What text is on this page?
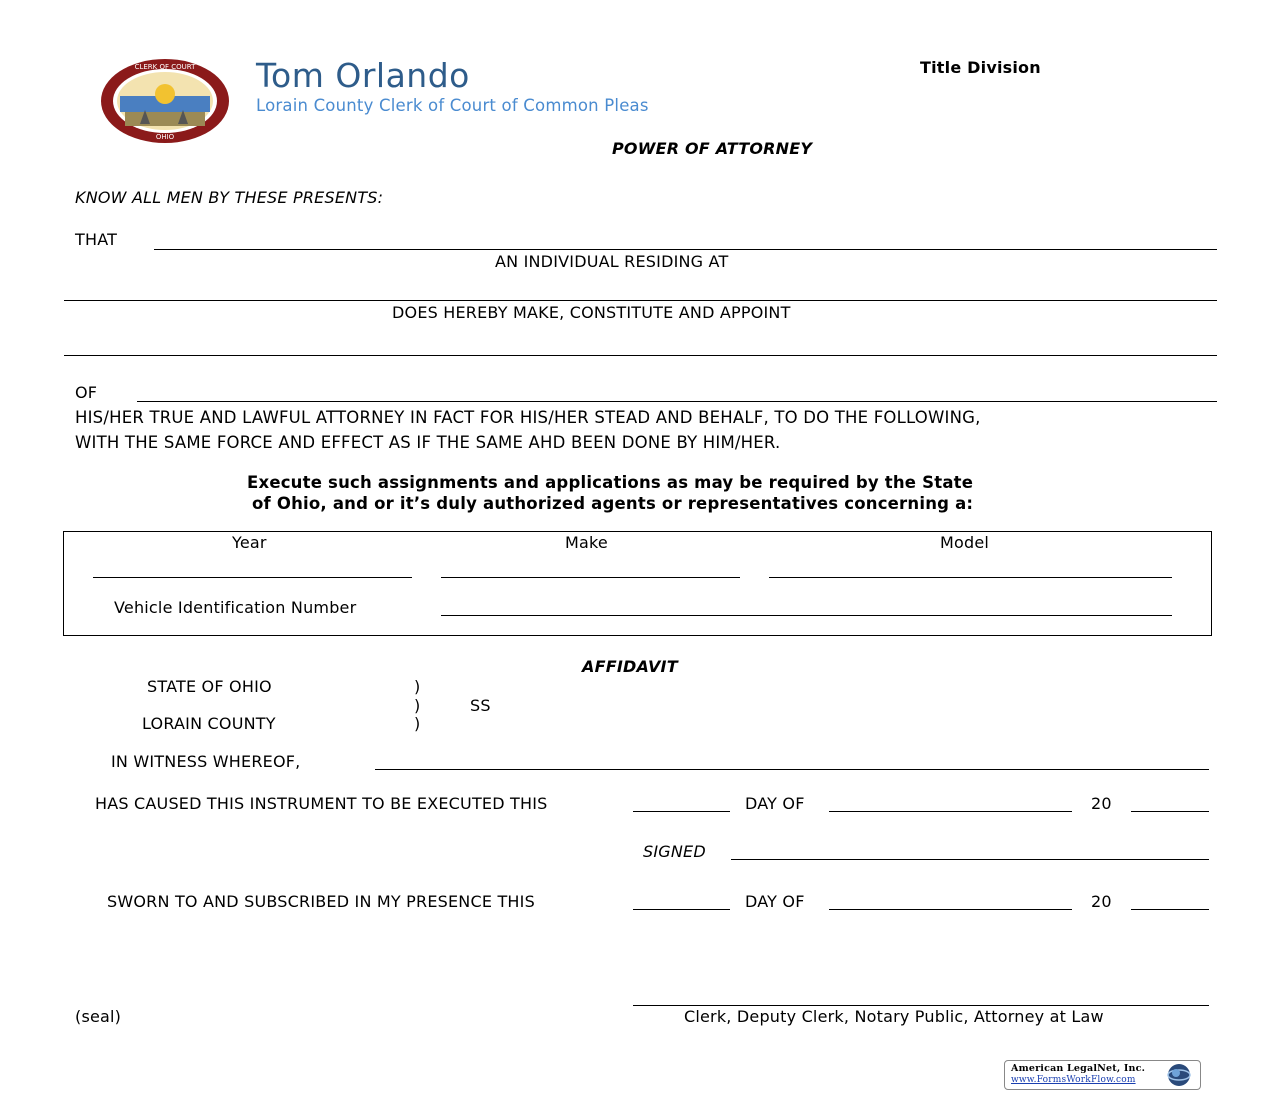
CLERK OF COURT
OHIO
Tom Orlando
Lorain County Clerk of Court of Common Pleas
Title Division
POWER OF ATTORNEY
KNOW ALL MEN BY THESE PRESENTS:
THAT
AN INDIVIDUAL RESIDING AT
DOES HEREBY MAKE, CONSTITUTE AND APPOINT
OF
HIS/HER TRUE AND LAWFUL ATTORNEY IN FACT FOR HIS/HER STEAD AND BEHALF, TO DO THE FOLLOWING,
WITH THE SAME FORCE AND EFFECT AS IF THE SAME AHD BEEN DONE BY HIM/HER.
Execute such assignments and applications as may be required by the State
of Ohio, and or it’s duly authorized agents or representatives concerning a:
Year	Make	Model
Vehicle Identification Number
AFFIDAVIT
STATE OF OHIO	)
)	SS
LORAIN COUNTY	)
IN WITNESS WHEREOF,
HAS CAUSED THIS INSTRUMENT TO BE EXECUTED THIS	DAY OF	20
SIGNED
SWORN TO AND SUBSCRIBED IN MY PRESENCE THIS	DAY OF	20
(seal)	Clerk, Deputy Clerk, Notary Public, Attorney at Law
American LegalNet, Inc.
www.FormsWorkFlow.com
